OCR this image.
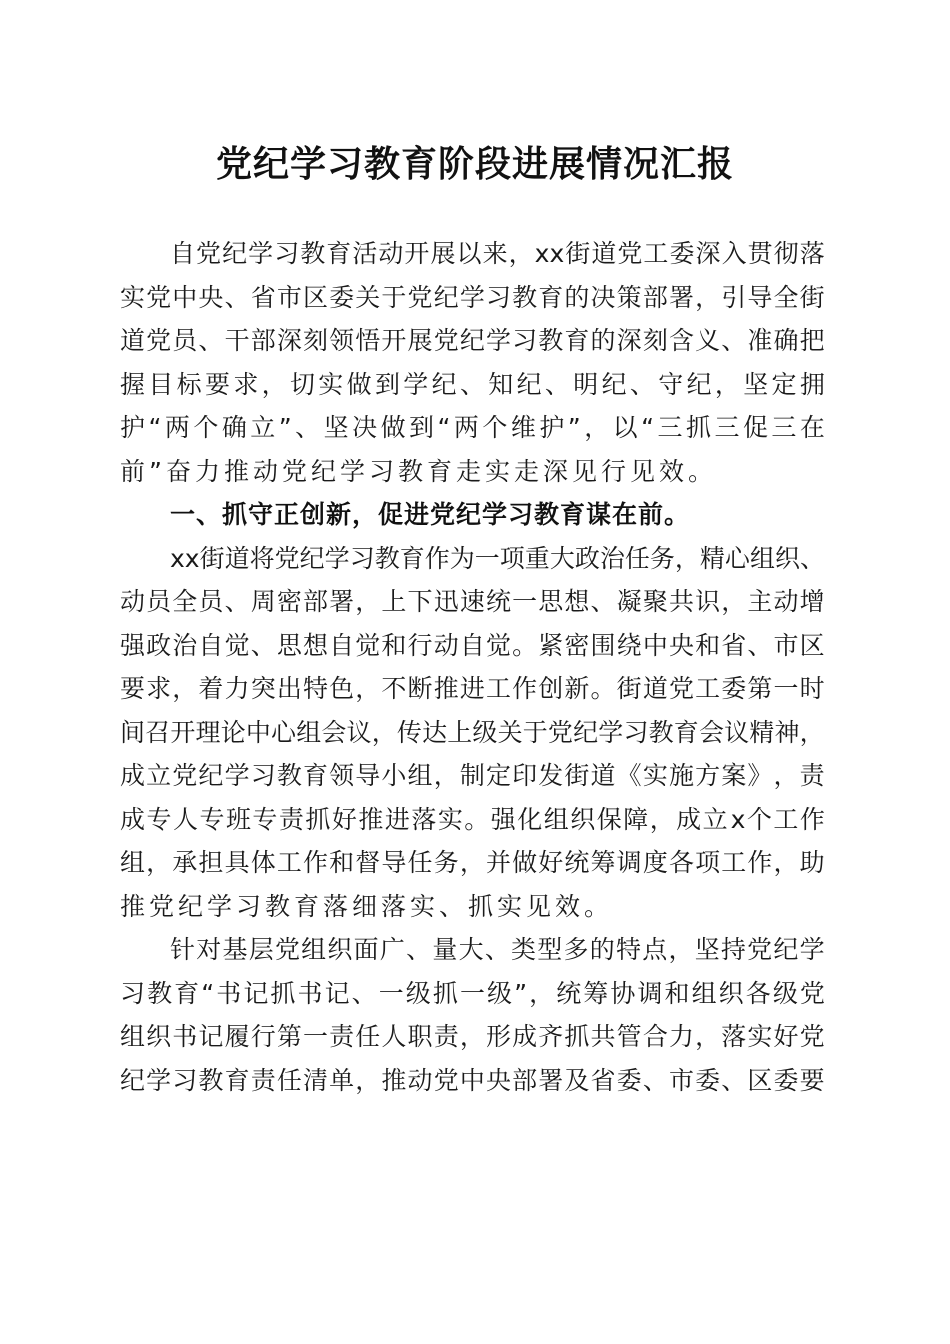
党纪学习教育阶段进展情况汇报
自 党 纪 学 习 教 育 活 动 开 展 以 来 ， xx 街 道 党 工 委 深 入 贯 彻 落
实 党 中 央 、 省 市 区 委 关 于 党 纪 学 习 教 育 的 决 策 部 署 ， 引 导 全 街
道 党 员 、 干 部 深 刻 领 悟 开 展 党 纪 学 习 教 育 的 深 刻 含 义 、 准 确 把
握 目 标 要 求 ， 切 实 做 到 学 纪 、 知 纪 、 明 纪 、 守 纪 ， 坚 定 拥
护 “ 两 个 确 立 ” 、 坚 决 做 到 “ 两 个 维 护 ” ， 以 “ 三 抓 三 促 三 在
前”奋力推动党纪学习教育走实走深见行见效。
一、抓守正创新，促进党纪学习教育谋在前。
xx 街 道 将 党 纪 学 习 教 育 作 为 一 项 重 大 政 治 任 务 ， 精 心 组 织 、
动 员 全 员 、 周 密 部 署 ， 上 下 迅 速 统 一 思 想 、 凝 聚 共 识 ， 主 动 增
强 政 治 自 觉 、 思 想 自 觉 和 行 动 自 觉 。 紧 密 围 绕 中 央 和 省 、 市 区
要 求 ， 着 力 突 出 特 色 ， 不 断 推 进 工 作 创 新 。 街 道 党 工 委 第 一 时
间 召 开 理 论 中 心 组 会 议 ， 传 达 上 级 关 于 党 纪 学 习 教 育 会 议 精 神 ，
成 立 党 纪 学 习 教 育 领 导 小 组 ， 制 定 印 发 街 道 《 实 施 方 案 》 ， 责
成 专 人 专 班 专 责 抓 好 推 进 落 实 。 强 化 组 织 保 障 ， 成 立 x 个 工 作
组 ， 承 担 具 体 工 作 和 督 导 任 务 ， 并 做 好 统 筹 调 度 各 项 工 作 ， 助
推党纪学习教育落细落实、抓实见效。
针 对 基 层 党 组 织 面 广 、 量 大 、 类 型 多 的 特 点 ， 坚 持 党 纪 学
习 教 育 “ 书 记 抓 书 记 、 一 级 抓 一 级 ” ， 统 筹 协 调 和 组 织 各 级 党
组 织 书 记 履 行 第 一 责 任 人 职 责 ， 形 成 齐 抓 共 管 合 力 ， 落 实 好 党
纪 学 习 教 育 责 任 清 单 ， 推 动 党 中 央 部 署 及 省 委 、 市 委 、 区 委 要
